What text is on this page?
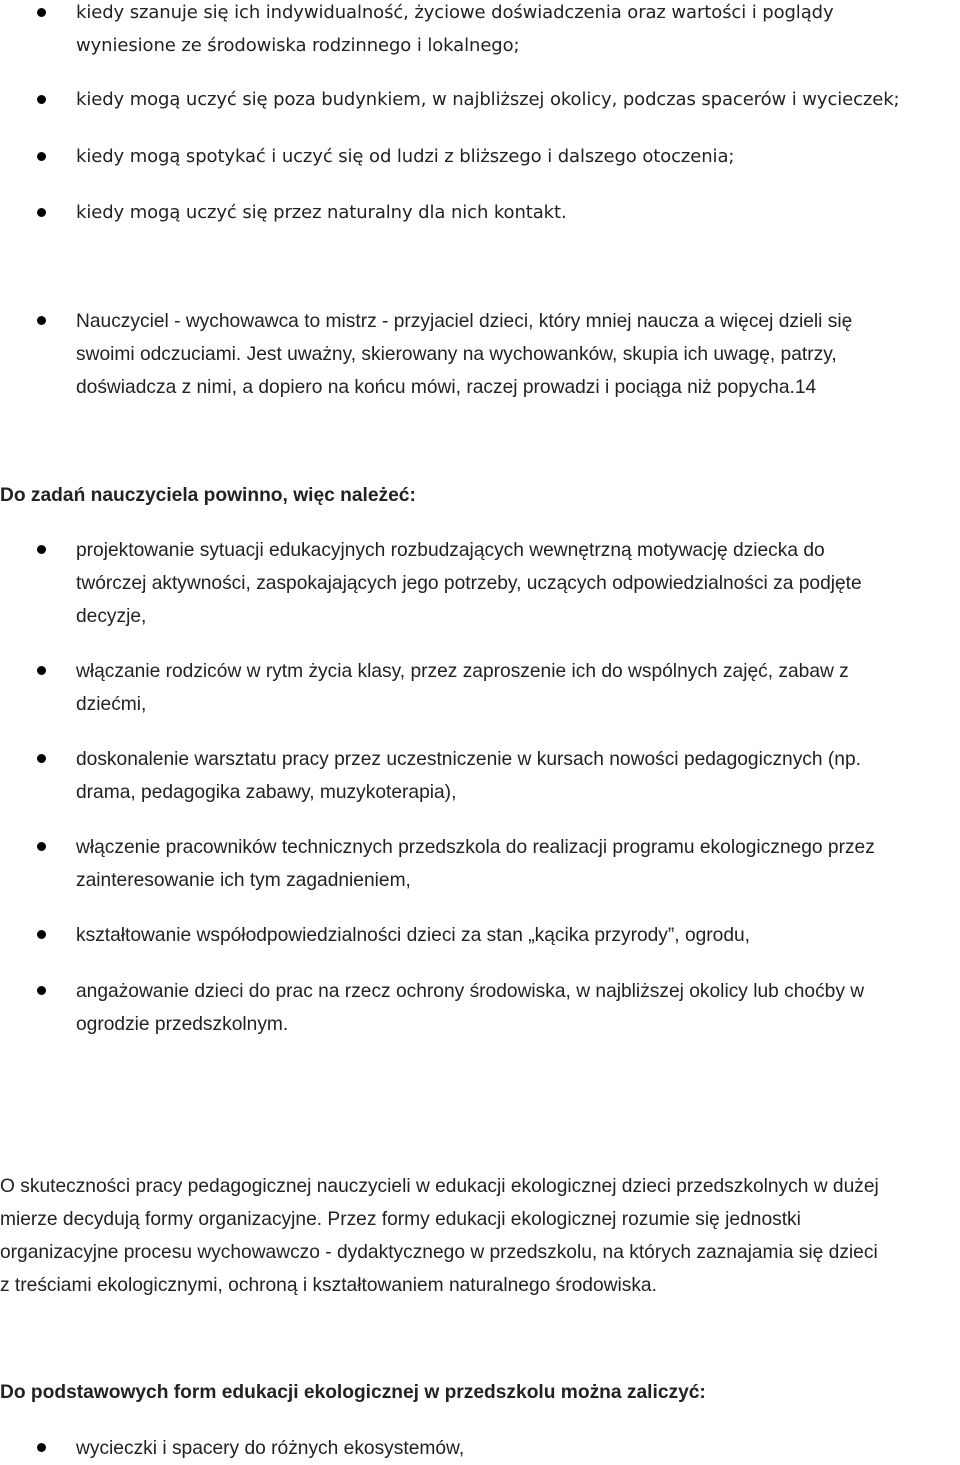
kiedy szanuje się ich indywidualność, życiowe doświadczenia oraz wartości i poglądy
wyniesione ze środowiska rodzinnego i lokalnego;
kiedy mogą uczyć się poza budynkiem, w najbliższej okolicy, podczas spacerów i wycieczek;
kiedy mogą spotykać i uczyć się od ludzi z bliższego i dalszego otoczenia;
kiedy mogą uczyć się przez naturalny dla nich kontakt.
Nauczyciel - wychowawca to mistrz - przyjaciel dzieci, który mniej naucza a więcej dzieli się
swoimi odczuciami. Jest uważny, skierowany na wychowanków, skupia ich uwagę, patrzy,
doświadcza z nimi, a dopiero na końcu mówi, raczej prowadzi i pociąga niż popycha.14
Do zadań nauczyciela powinno, więc należeć:
projektowanie sytuacji edukacyjnych rozbudzających wewnętrzną motywację dziecka do
twórczej aktywności, zaspokajających jego potrzeby, uczących odpowiedzialności za podjęte
decyzje,
włączanie rodziców w rytm życia klasy, przez zaproszenie ich do wspólnych zajęć, zabaw z
dziećmi,
doskonalenie warsztatu pracy przez uczestniczenie w kursach nowości pedagogicznych (np.
drama, pedagogika zabawy, muzykoterapia),
włączenie pracowników technicznych przedszkola do realizacji programu ekologicznego przez
zainteresowanie ich tym zagadnieniem,
kształtowanie współodpowiedzialności dzieci za stan „kącika przyrody”, ogrodu,
angażowanie dzieci do prac na rzecz ochrony środowiska, w najbliższej okolicy lub choćby w
ogrodzie przedszkolnym.
O skuteczności pracy pedagogicznej nauczycieli w edukacji ekologicznej dzieci przedszkolnych w dużej
mierze decydują formy organizacyjne. Przez formy edukacji ekologicznej rozumie się jednostki
organizacyjne procesu wychowawczo - dydaktycznego w przedszkolu, na których zaznajamia się dzieci
z treściami ekologicznymi, ochroną i kształtowaniem naturalnego środowiska.
Do podstawowych form edukacji ekologicznej w przedszkolu można zaliczyć:
wycieczki i spacery do różnych ekosystemów,
